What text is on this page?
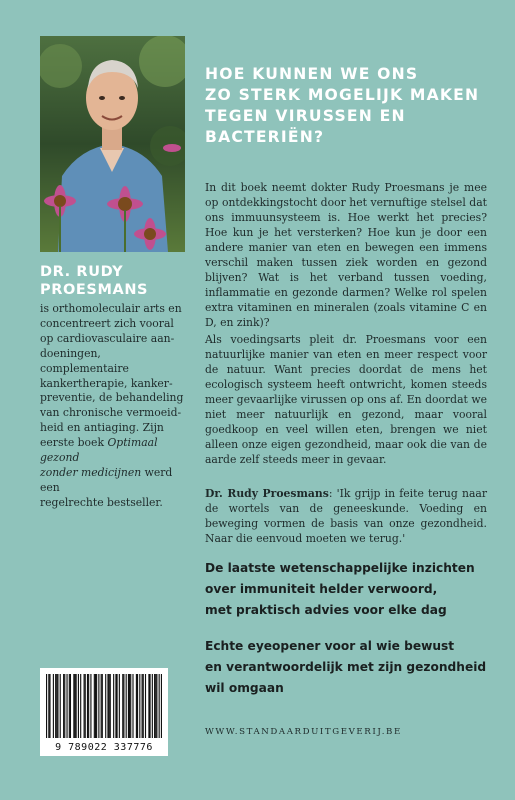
DR. RUDY
PROESMANS

is orthomoleculair arts en
concentreert zich vooral
op cardiovasculaire aan-
doeningen, complementaire
kankertherapie, kanker-
preventie, de behandeling
van chronische vermoeid-
heid en antiaging. Zijn
eerste boek Optimaal gezond
zonder medicijnen werd een
regelrechte bestseller.

9 789022 337776
HOE KUNNEN WE ONS
ZO STERK MOGELIJK MAKEN
TEGEN VIRUSSEN EN
BACTERIËN?

In dit boek neemt dokter Rudy Proesmans je mee op ontdekkingstocht door het vernuftige stelsel dat ons immuunsysteem is. Hoe werkt het precies? Hoe kun je het versterken? Hoe kun je door een andere manier van eten en bewegen een immens verschil maken tussen ziek worden en gezond blijven? Wat is het verband tussen voeding, inflammatie en gezonde darmen? Welke rol spelen extra vitaminen en mineralen (zoals vitamine C en D, en zink)?

Als voedingsarts pleit dr. Proesmans voor een natuurlijke manier van eten en meer respect voor de natuur. Want precies doordat de mens het ecologisch systeem heeft ontwricht, komen steeds meer gevaarlijke virussen op ons af. En doordat we niet meer natuurlijk en gezond, maar vooral goedkoop en veel willen eten, brengen we niet alleen onze eigen gezondheid, maar ook die van de aarde zelf steeds meer in gevaar.

Dr. Rudy Proesmans: 'Ik grijp in feite terug naar de wortels van de geneeskunde. Voeding en beweging vormen de basis van onze gezondheid. Naar die eenvoud moeten we terug.'

De laatste wetenschappelijke inzichten
over immuniteit helder verwoord,
met praktisch advies voor elke dag

Echte eyeopener voor al wie bewust
en verantwoordelijk met zijn gezondheid
wil omgaan

WWW.STANDAARDUITGEVERIJ.BE
